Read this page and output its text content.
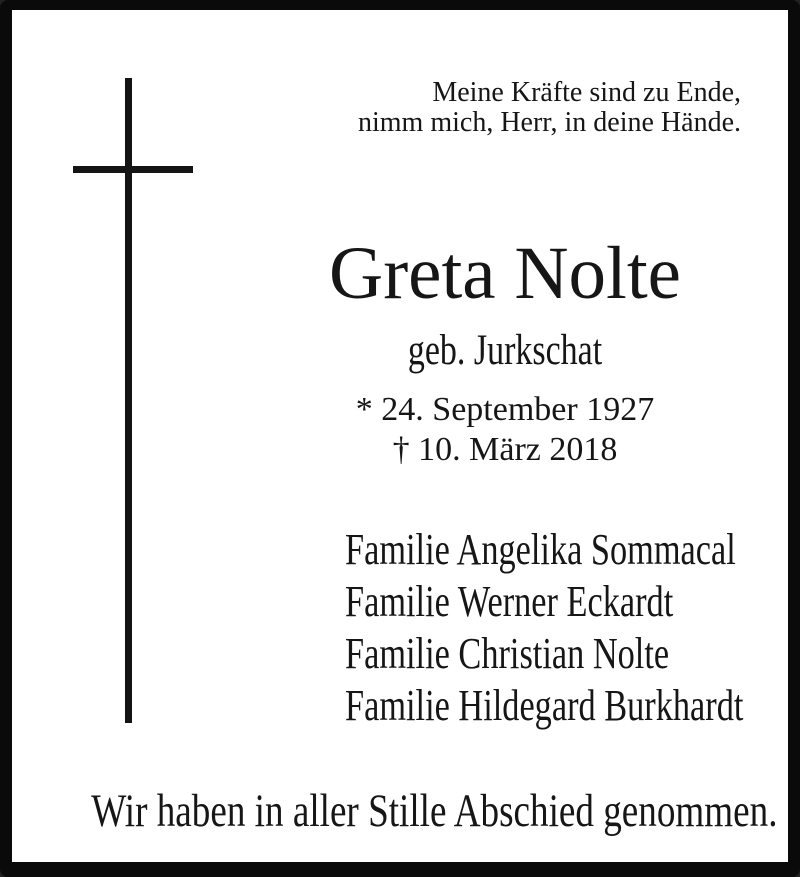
Meine Kräfte sind zu Ende,
nimm mich, Herr, in deine Hände.
Greta Nolte
geb. Jurkschat
* 24. September 1927
† 10. März 2018
Familie Angelika Sommacal
Familie Werner Eckardt
Familie Christian Nolte
Familie Hildegard Burkhardt
Wir haben in aller Stille Abschied genommen.
